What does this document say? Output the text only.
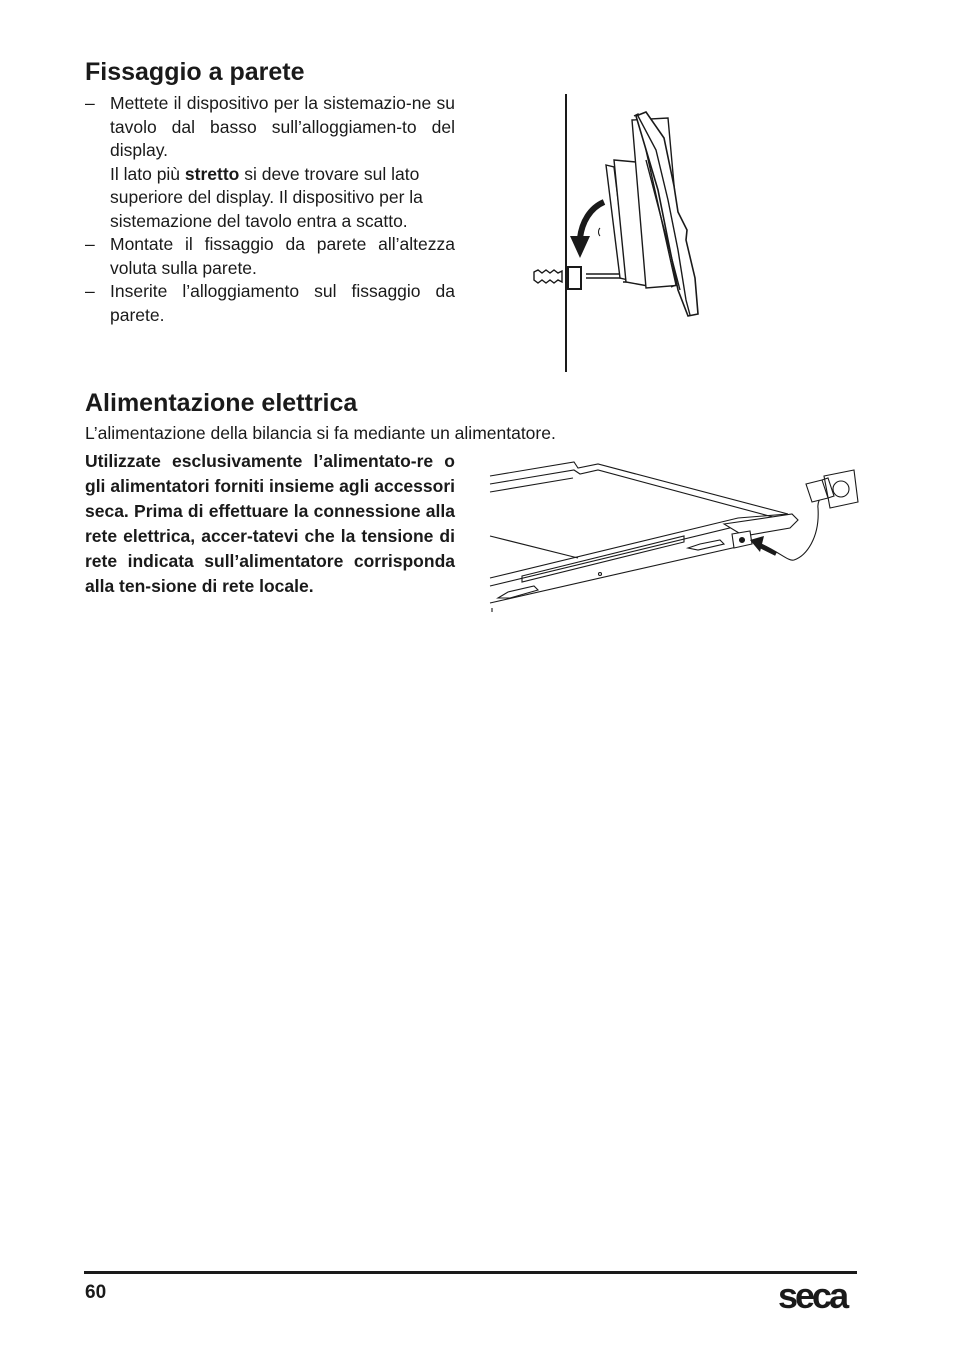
Fissaggio a parete
– Mettete il dispositivo per la sistemazio-ne su tavolo dal basso sull’alloggiamen-to del display.
Il lato più stretto si deve trovare sul lato superiore del display. Il dispositivo per la sistemazione del tavolo entra a scatto.
– Montate il fissaggio da parete all’altezza voluta sulla parete.
– Inserite l’alloggiamento sul fissaggio da parete.
Alimentazione elettrica
L’alimentazione della bilancia si fa mediante un alimentatore.
Utilizzate esclusivamente l’alimentato-re o gli alimentatori forniti insieme agli accessori seca. Prima di effettuare la connessione alla rete elettrica, accer-tatevi che la tensione di rete indicata sull’alimentatore corrisponda alla ten-sione di rete locale.
60	seca
